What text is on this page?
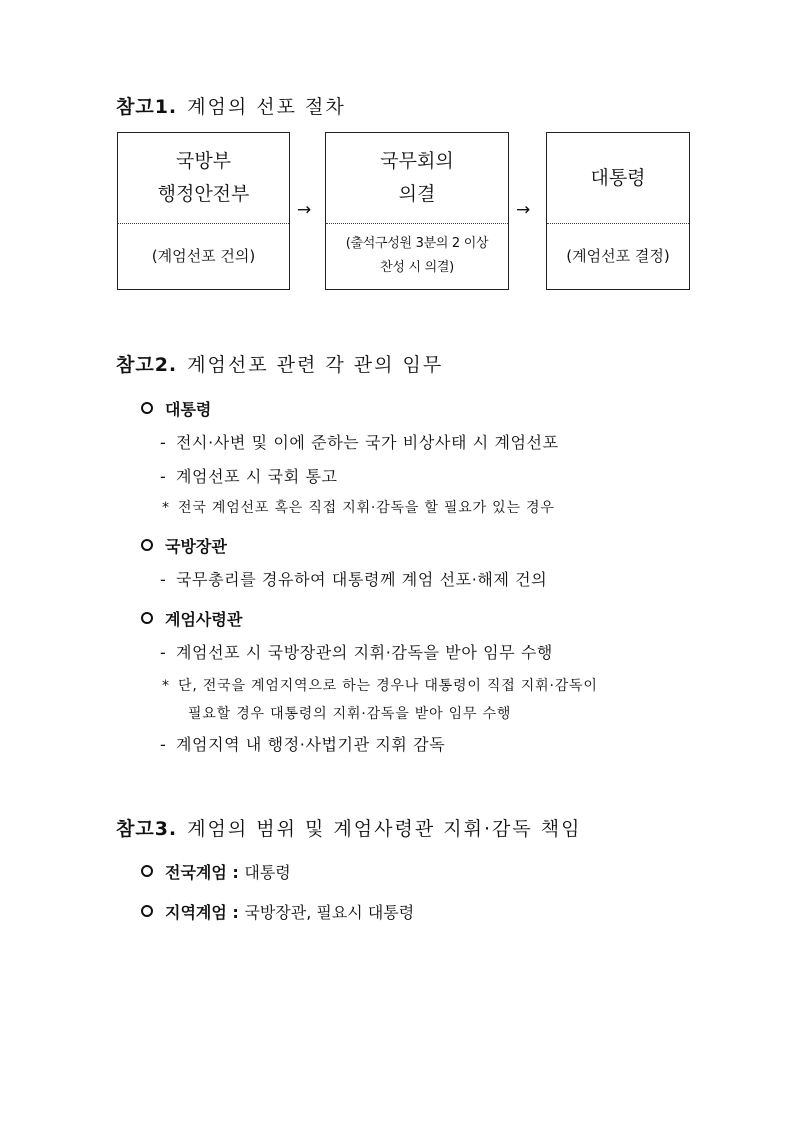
참고1. 계엄의 선포 절차
국방부
행정안전부
(계엄선포 건의)
→
국무회의
의결
(출석구성원 3분의 2 이상
찬성 시 의결)
→
대통령
(계엄선포 결정)
참고2. 계엄선포 관련 각 관의 임무
대통령
- 전시·사변 및 이에 준하는 국가 비상사태 시 계엄선포
- 계엄선포 시 국회 통고
* 전국 계엄선포 혹은 직접 지휘·감독을 할 필요가 있는 경우
국방장관
- 국무총리를 경유하여 대통령께 계엄 선포·해제 건의
계엄사령관
- 계엄선포 시 국방장관의 지휘·감독을 받아 임무 수행
* 단, 전국을 계엄지역으로 하는 경우나 대통령이 직접 지휘·감독이
필요할 경우 대통령의 지휘·감독을 받아 임무 수행
- 계엄지역 내 행정·사법기관 지휘 감독
참고3. 계엄의 범위 및 계엄사령관 지휘·감독 책임
전국계엄 : 대통령
지역계엄 : 국방장관, 필요시 대통령
